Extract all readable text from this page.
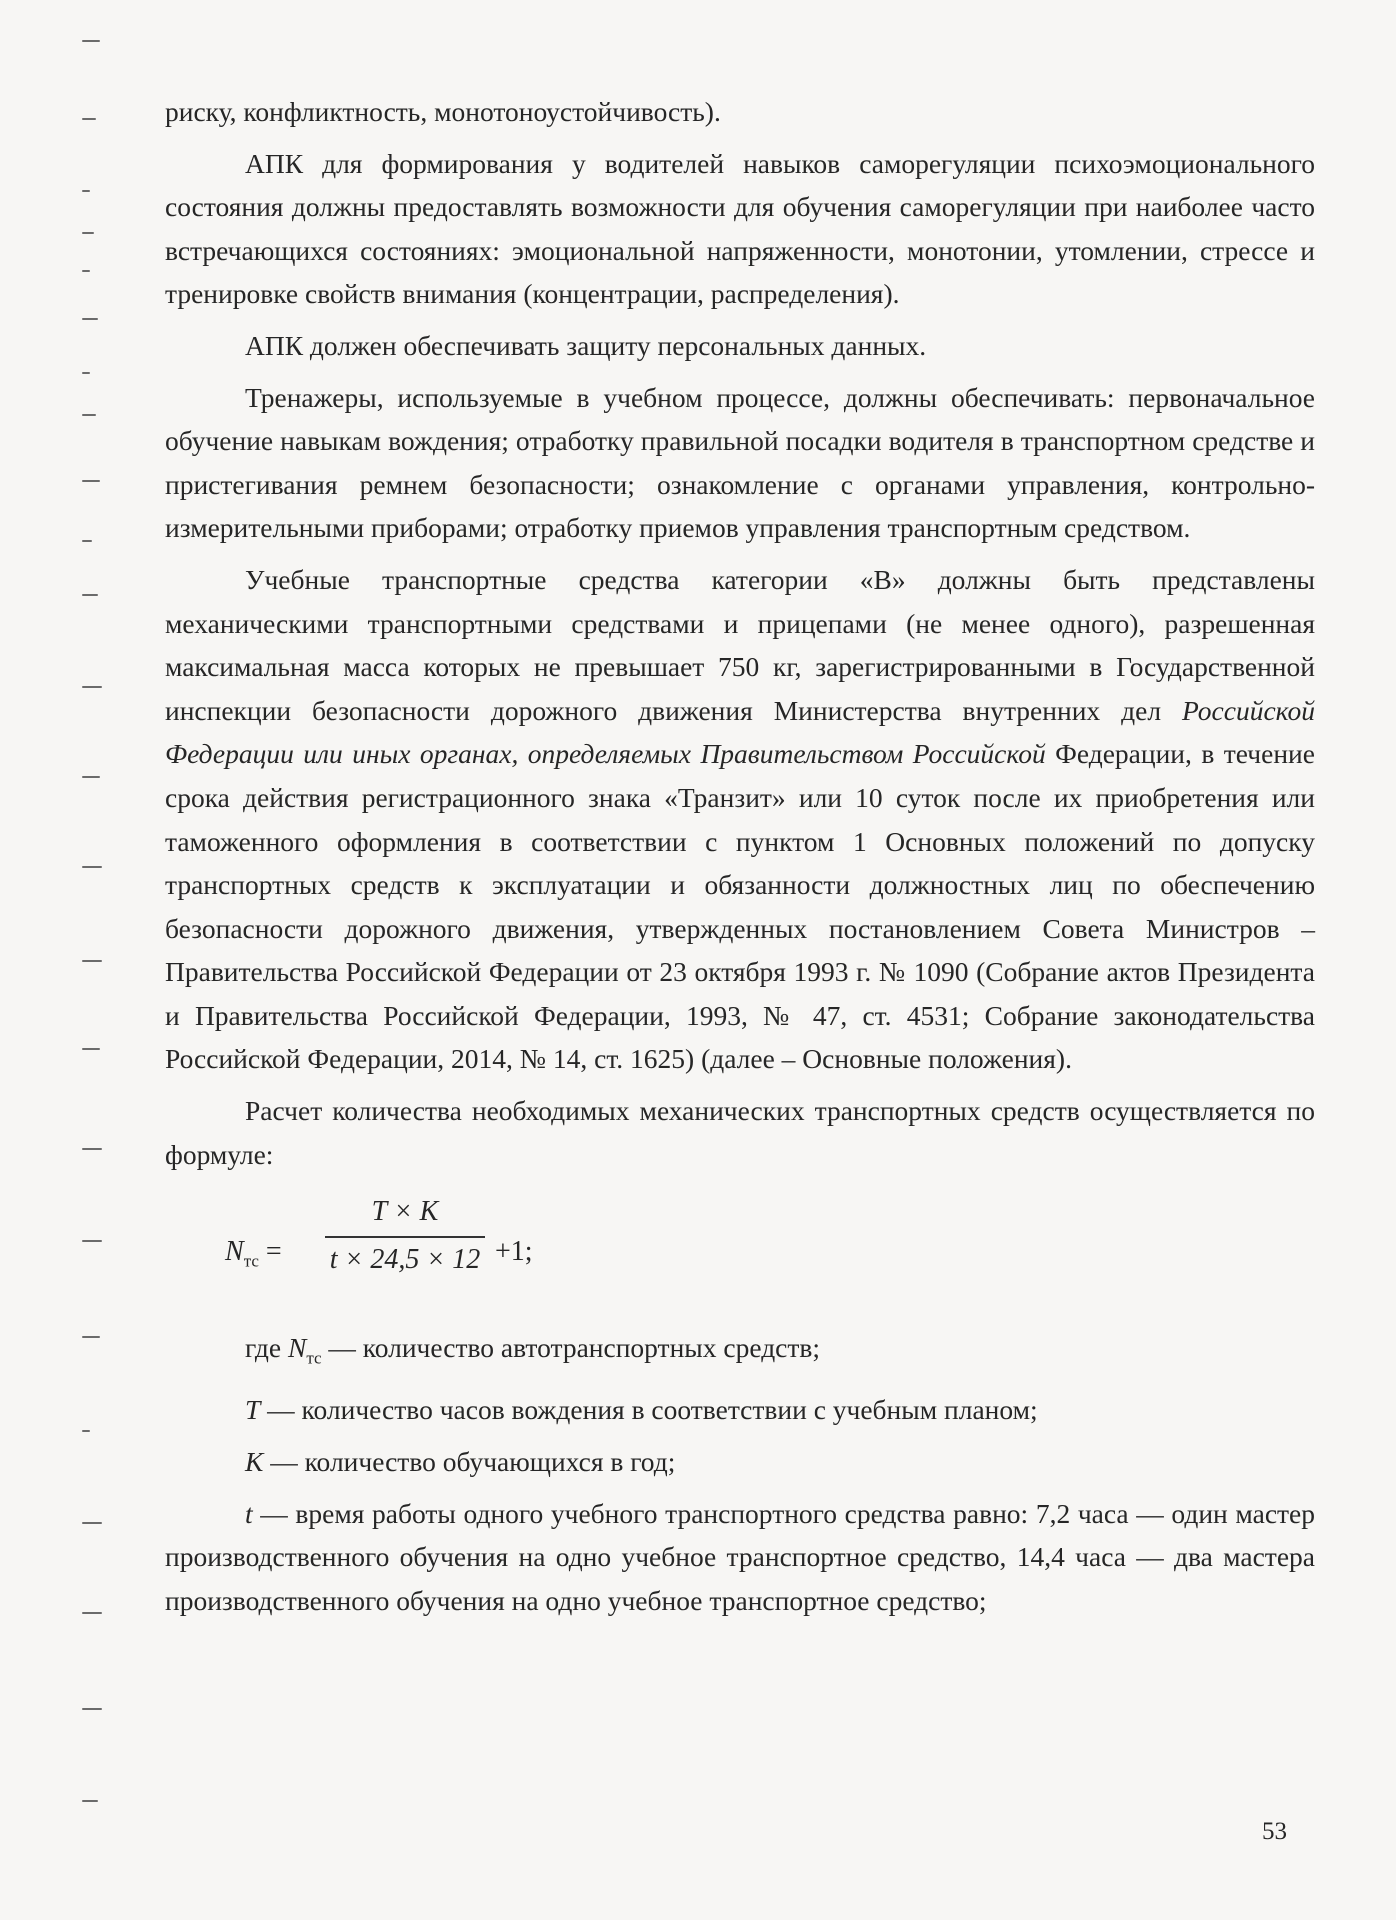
риску, конфликтность, монотоноустойчивость).

АПК для формирования у водителей навыков саморегуляции психоэмоционального состояния должны предоставлять возможности для обучения саморегуляции при наиболее часто встречающихся состояниях: эмоциональной напряженности, монотонии, утомлении, стрессе и тренировке свойств внимания (концентрации, распределения).

АПК должен обеспечивать защиту персональных данных.

Тренажеры, используемые в учебном процессе, должны обеспечивать: первоначальное обучение навыкам вождения; отработку правильной посадки водителя в транспортном средстве и пристегивания ремнем безопасности; ознакомление с органами управления, контрольно-измерительными приборами; отработку приемов управления транспортным средством.

Учебные транспортные средства категории «В» должны быть представлены механическими транспортными средствами и прицепами (не менее одного), разрешенная максимальная масса которых не превышает 750 кг, зарегистрированными в Государственной инспекции безопасности дорожного движения Министерства внутренних дел Российской Федерации или иных органах, определяемых Правительством Российской Федерации, в течение срока действия регистрационного знака «Транзит» или 10 суток после их приобретения или таможенного оформления в соответствии с пунктом 1 Основных положений по допуску транспортных средств к эксплуатации и обязанности должностных лиц по обеспечению безопасности дорожного движения, утвержденных постановлением Совета Министров – Правительства Российской Федерации от 23 октября 1993 г. № 1090 (Собрание актов Президента и Правительства Российской Федерации, 1993, № 47, ст. 4531; Собрание законодательства Российской Федерации, 2014, № 14, ст. 1625) (далее – Основные положения).

Расчет количества необходимых механических транспортных средств осуществляется по формуле:

$N_{тс}$ =
T × K
t × 24,5 × 12 +1;

где $N_{тс}$ — количество автотранспортных средств;

T — количество часов вождения в соответствии с учебным планом;

K — количество обучающихся в год;

t — время работы одного учебного транспортного средства равно: 7,2 часа — один мастер производственного обучения на одно учебное транспортное средство, 14,4 часа — два мастера производственного обучения на одно учебное транспортное средство;

53
